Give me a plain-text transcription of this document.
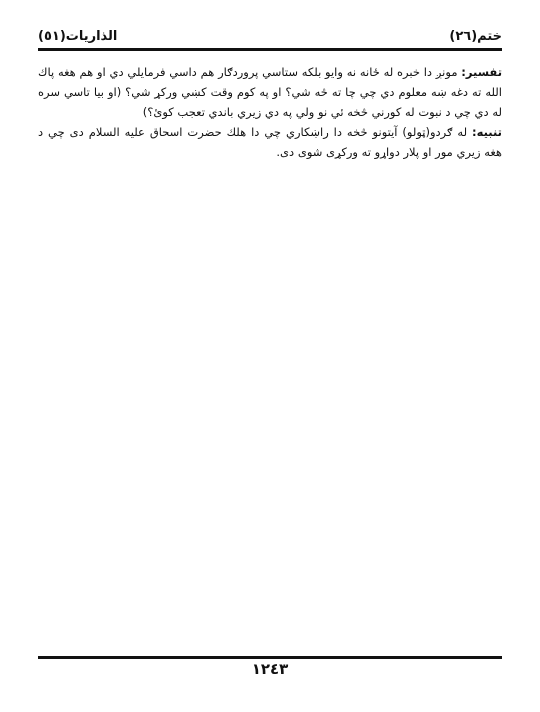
الذاريات(٥١)	ختم(٢٦)

تفسير: مونږ دا خبره له ځانه نه وايو بلكه ستاسي پروردګار هم داسي فرمايلي دي او هم هغه پاك الله ته دغه ښه معلوم دي چي چا ته څه شي؟ او په كوم وقت كښي وركړ شي؟ (او بيا تاسي سره له دي چي د نبوت له كورني څخه ئي نو ولي په دي زيري باندي تعجب كوئ؟)

تنبيه: له ګردو(ټولو) آيتونو څخه دا راښكاري چي دا هلك حضرت اسحاق عليه السلام دى چي د هغه زيري مور او پلار دواړو ته وركړى شوى دى.

١٢٤٣
